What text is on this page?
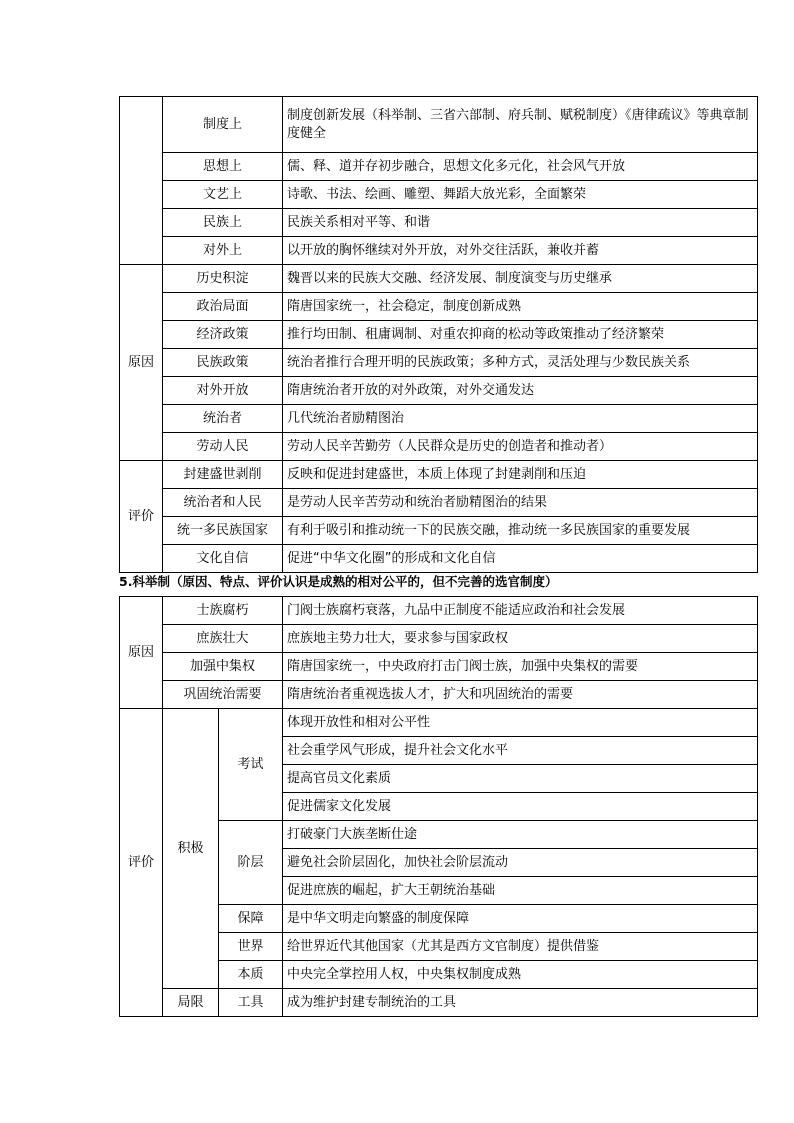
	制度上	制度创新发展（科举制、三省六部制、府兵制、赋税制度）《唐律疏议》等典章制度健全
	思想上	儒、释、道并存初步融合，思想文化多元化，社会风气开放
	文艺上	诗歌、书法、绘画、雕塑、舞蹈大放光彩，全面繁荣
	民族上	民族关系相对平等、和谐
	对外上	以开放的胸怀继续对外开放，对外交往活跃，兼收并蓄
原因	历史积淀	魏晋以来的民族大交融、经济发展、制度演变与历史继承
	政治局面	隋唐国家统一，社会稳定，制度创新成熟
	经济政策	推行均田制、租庸调制、对重农抑商的松动等政策推动了经济繁荣
	民族政策	统治者推行合理开明的民族政策；多种方式，灵活处理与少数民族关系
	对外开放	隋唐统治者开放的对外政策，对外交通发达
	统治者	几代统治者励精图治
	劳动人民	劳动人民辛苦勤劳（人民群众是历史的创造者和推动者）
评价	封建盛世剥削	反映和促进封建盛世，本质上体现了封建剥削和压迫
	统治者和人民	是劳动人民辛苦劳动和统治者励精图治的结果
	统一多民族国家	有利于吸引和推动统一下的民族交融，推动统一多民族国家的重要发展
	文化自信	促进“中华文化圈”的形成和文化自信
5.科举制（原因、特点、评价认识是成熟的相对公平的，但不完善的选官制度）
原因	士族腐朽		门阀士族腐朽衰落，九品中正制度不能适应政治和社会发展
	庶族壮大		庶族地主势力壮大，要求参与国家政权
	加强中集权		隋唐国家统一，中央政府打击门阀士族，加强中央集权的需要
	巩固统治需要		隋唐统治者重视选拔人才，扩大和巩固统治的需要
评价	积极	考试	体现开放性和相对公平性
			社会重学风气形成，提升社会文化水平
			提高官员文化素质
			促进儒家文化发展
		阶层	打破豪门大族垄断仕途
			避免社会阶层固化，加快社会阶层流动
			促进庶族的崛起，扩大王朝统治基础
		保障	是中华文明走向繁盛的制度保障
		世界	给世界近代其他国家（尤其是西方文官制度）提供借鉴
		本质	中央完全掌控用人权，中央集权制度成熟
	局限	工具	成为维护封建专制统治的工具
